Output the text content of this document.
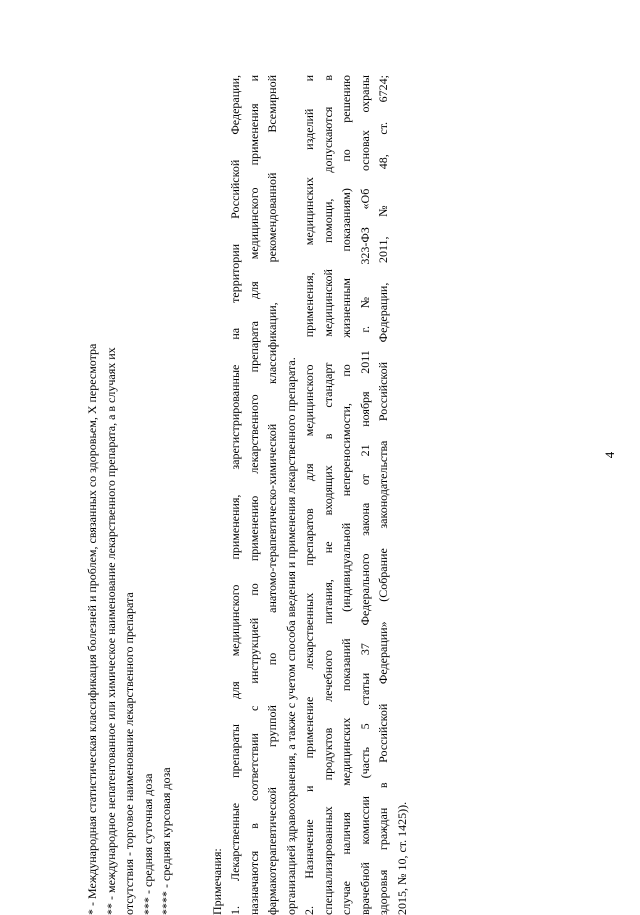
* - Международная статистическая классификация болезней и проблем, связанных со здоровьем, X пересмотра ** - международное непатентованное или химическое наименование лекарственного препарата, а в случаях их отсутствия - торговое наименование лекарственного препарата *** - средняя суточная доза **** - средняя курсовая доза	Примечания: 1. Лекарственные препараты для медицинского применения, зарегистрированные на территории Российской Федерации, назначаются в соответствии с инструкцией по применению лекарственного препарата для медицинского применения и фармакотерапевтической группой по анатомо-терапевтическо-химической классификации, рекомендованной Всемирной организацией здравоохранения, а также с учетом способа введения и применения лекарственного препарата. 2. Назначение и применение лекарственных препаратов для медицинского применения, медицинских изделий и специализированных продуктов лечебного питания, не входящих в стандарт медицинской помощи, допускаются в случае наличия медицинских показаний (индивидуальной непереносимости, по жизненным показаниям) по решению врачебной комиссии (часть 5 статьи 37 Федерального закона от 21 ноября 2011 г. № 323-ФЗ «Об основах охраны здоровья граждан в Российской Федерации» (Собрание законодательства Российской Федерации, 2011, № 48, ст. 6724; 2015, № 10, ст. 1425)).
4
